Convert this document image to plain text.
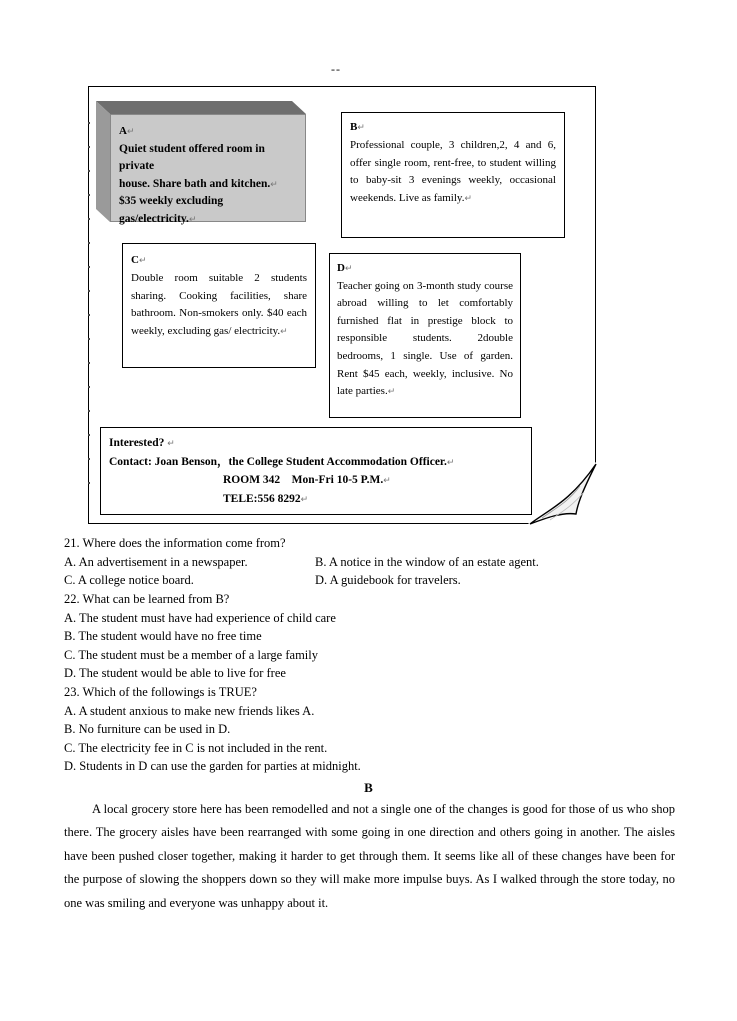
--
A↵
Quiet student offered room in private
house. Share bath and kitchen.↵
$35 weekly excluding gas/electricity.↵
B↵
Professional couple, 3 children,2, 4 and 6, offer single room, rent-free, to student willing to baby-sit 3 evenings weekly, occasional weekends. Live as family.↵
C↵
Double room suitable 2 students sharing. Cooking facilities, share bathroom. Non-smokers only. $40 each weekly, excluding gas/ electricity.↵
D↵
Teacher going on 3-month study course abroad willing to let comfortably furnished flat in prestige block to responsible students. 2double bedrooms, 1 single. Use of garden. Rent $45 each, weekly, inclusive. No late parties.↵
Interested? ↵
Contact: Joan Benson，the College Student Accommodation Officer.↵
ROOM 342    Mon-Fri 10-5 P.M.↵
TELE:556 8292↵
21. Where does the information come from?
A. An advertisement in a newspaper.	B. A notice in the window of an estate agent.
C. A college notice board.	D. A guidebook for travelers.
22. What can be learned from B?
A. The student must have had experience of child care
B. The student would have no free time
C. The student must be a member of a large family
D. The student would be able to live for free
23. Which of the followings is TRUE?
A. A student anxious to make new friends likes A.
B. No furniture can be used in D.
C. The electricity fee in C is not included in the rent.
D. Students in D can use the garden for parties at midnight.
B
A local grocery store here has been remodelled and not a single one of the changes is good for those of us who shop there. The grocery aisles have been rearranged with some going in one direction and others going in another. The aisles have been pushed closer together, making it harder to get through them. It seems like all of these changes have been for the purpose of slowing the shoppers down so they will make more impulse buys. As I walked through the store today, no one was smiling and everyone was unhappy about it.
